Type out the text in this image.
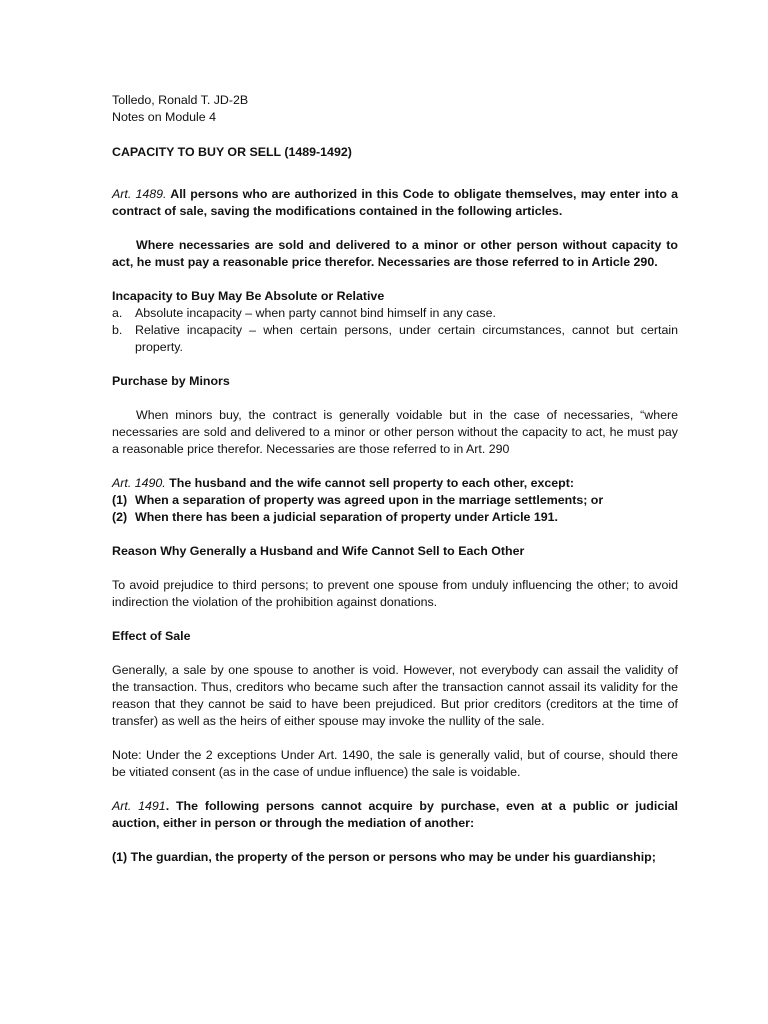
Tolledo, Ronald T. JD-2B

Notes on Module 4

CAPACITY TO BUY OR SELL (1489-1492)

Art. 1489. All persons who are authorized in this Code to obligate themselves, may enter into a contract of sale, saving the modifications contained in the following articles.

Where necessaries are sold and delivered to a minor or other person without capacity to act, he must pay a reasonable price therefor. Necessaries are those referred to in Article 290.

Incapacity to Buy May Be Absolute or Relative

a.	Absolute incapacity – when party cannot bind himself in any case.
b.	Relative incapacity – when certain persons, under certain circumstances, cannot but certain property.

Purchase by Minors

When minors buy, the contract is generally voidable but in the case of necessaries, “where necessaries are sold and delivered to a minor or other person without the capacity to act, he must pay a reasonable price therefor. Necessaries are those referred to in Art. 290

Art. 1490. The husband and the wife cannot sell property to each other, except:

(1) When a separation of property was agreed upon in the marriage settlements; or
(2) When there has been a judicial separation of property under Article 191.

Reason Why Generally a Husband and Wife Cannot Sell to Each Other

To avoid prejudice to third persons; to prevent one spouse from unduly influencing the other; to avoid indirection the violation of the prohibition against donations.

Effect of Sale

Generally, a sale by one spouse to another is void. However, not everybody can assail the validity of the transaction. Thus, creditors who became such after the transaction cannot assail its validity for the reason that they cannot be said to have been prejudiced. But prior creditors (creditors at the time of transfer) as well as the heirs of either spouse may invoke the nullity of the sale.

Note: Under the 2 exceptions Under Art. 1490, the sale is generally valid, but of course, should there be vitiated consent (as in the case of undue influence) the sale is voidable.

Art. 1491. The following persons cannot acquire by purchase, even at a public or judicial auction, either in person or through the mediation of another:

(1) The guardian, the property of the person or persons who may be under his guardianship;
